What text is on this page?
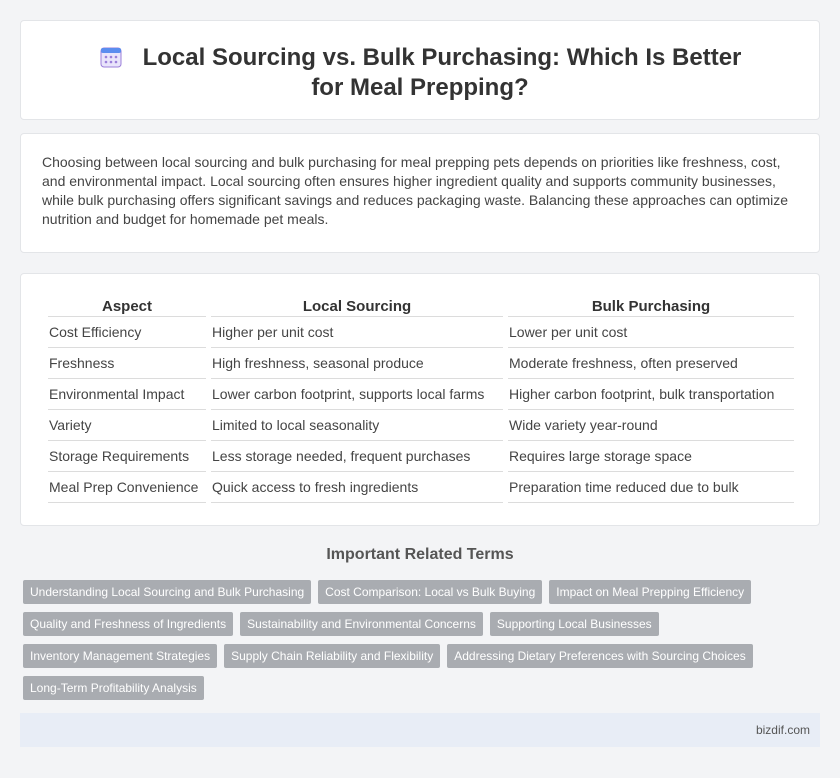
Local Sourcing vs. Bulk Purchasing: Which Is Better for Meal Prepping?

Choosing between local sourcing and bulk purchasing for meal prepping pets depends on priorities like freshness, cost, and environmental impact. Local sourcing often ensures higher ingredient quality and supports community businesses, while bulk purchasing offers significant savings and reduces packaging waste. Balancing these approaches can optimize nutrition and budget for homemade pet meals.

Aspect	Local Sourcing	Bulk Purchasing
Cost Efficiency	Higher per unit cost	Lower per unit cost
Freshness	High freshness, seasonal produce	Moderate freshness, often preserved
Environmental Impact	Lower carbon footprint, supports local farms	Higher carbon footprint, bulk transportation
Variety	Limited to local seasonality	Wide variety year-round
Storage Requirements	Less storage needed, frequent purchases	Requires large storage space
Meal Prep Convenience	Quick access to fresh ingredients	Preparation time reduced due to bulk
Important Related Terms
Understanding Local Sourcing and Bulk Purchasing	Cost Comparison: Local vs Bulk Buying	Impact on Meal Prepping Efficiency
Quality and Freshness of Ingredients	Sustainability and Environmental Concerns	Supporting Local Businesses
Inventory Management Strategies	Supply Chain Reliability and Flexibility	Addressing Dietary Preferences with Sourcing Choices
Long-Term Profitability Analysis
bizdif.com
